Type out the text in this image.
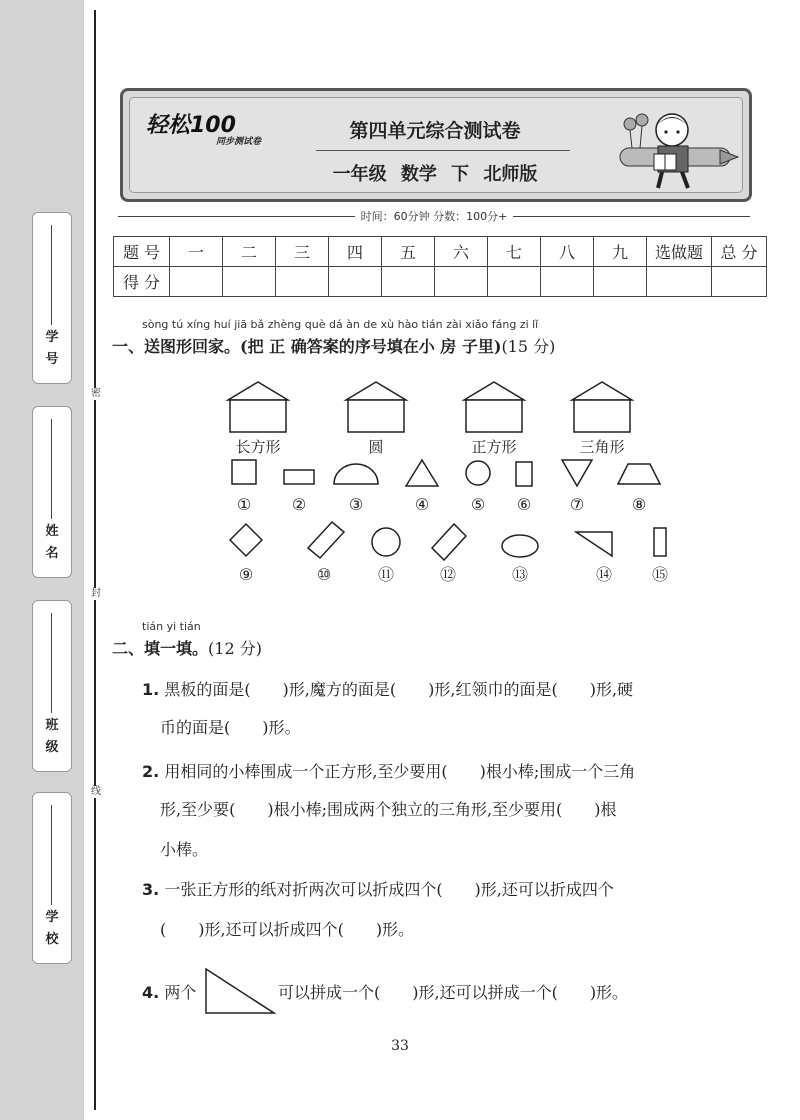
学 号
姓 名
班 级
学 校
密
封
线
轻松100
同步测试卷	第四单元综合测试卷
一年级 数学 下 北师版
时间：60分钟 分数：100分+
题 号	一	二	三	四	五	六	七	八	九	选做题	总 分
得 分											
sòng tú xíng huí jiā bǎ zhèng què dá àn de xù hào tián zài xiǎo fáng zi lǐ
一、送图形回家。(把 正 确答案的序号填在小 房 子里)(15 分)
长方形	圆	正方形	三角形
①	②	③	④	⑤ ⑥ ⑦	⑧
⑨	⑩	⑪	⑫	⑬	⑭ ⑮
tián yi tián
二、填一填。(12 分)
1. 黑板的面是(　　)形,魔方的面是(　　)形,红领巾的面是(　　)形,硬
币的面是(　　)形。
2. 用相同的小棒围成一个正方形,至少要用(　　)根小棒;围成一个三角
形,至少要(　　)根小棒;围成两个独立的三角形,至少要用(　　)根
小棒。
3. 一张正方形的纸对折两次可以折成四个(　　)形,还可以折成四个
(　　)形,还可以折成四个(　　)形。
4. 两个	可以拼成一个(　　)形,还可以拼成一个(　　)形。
33
